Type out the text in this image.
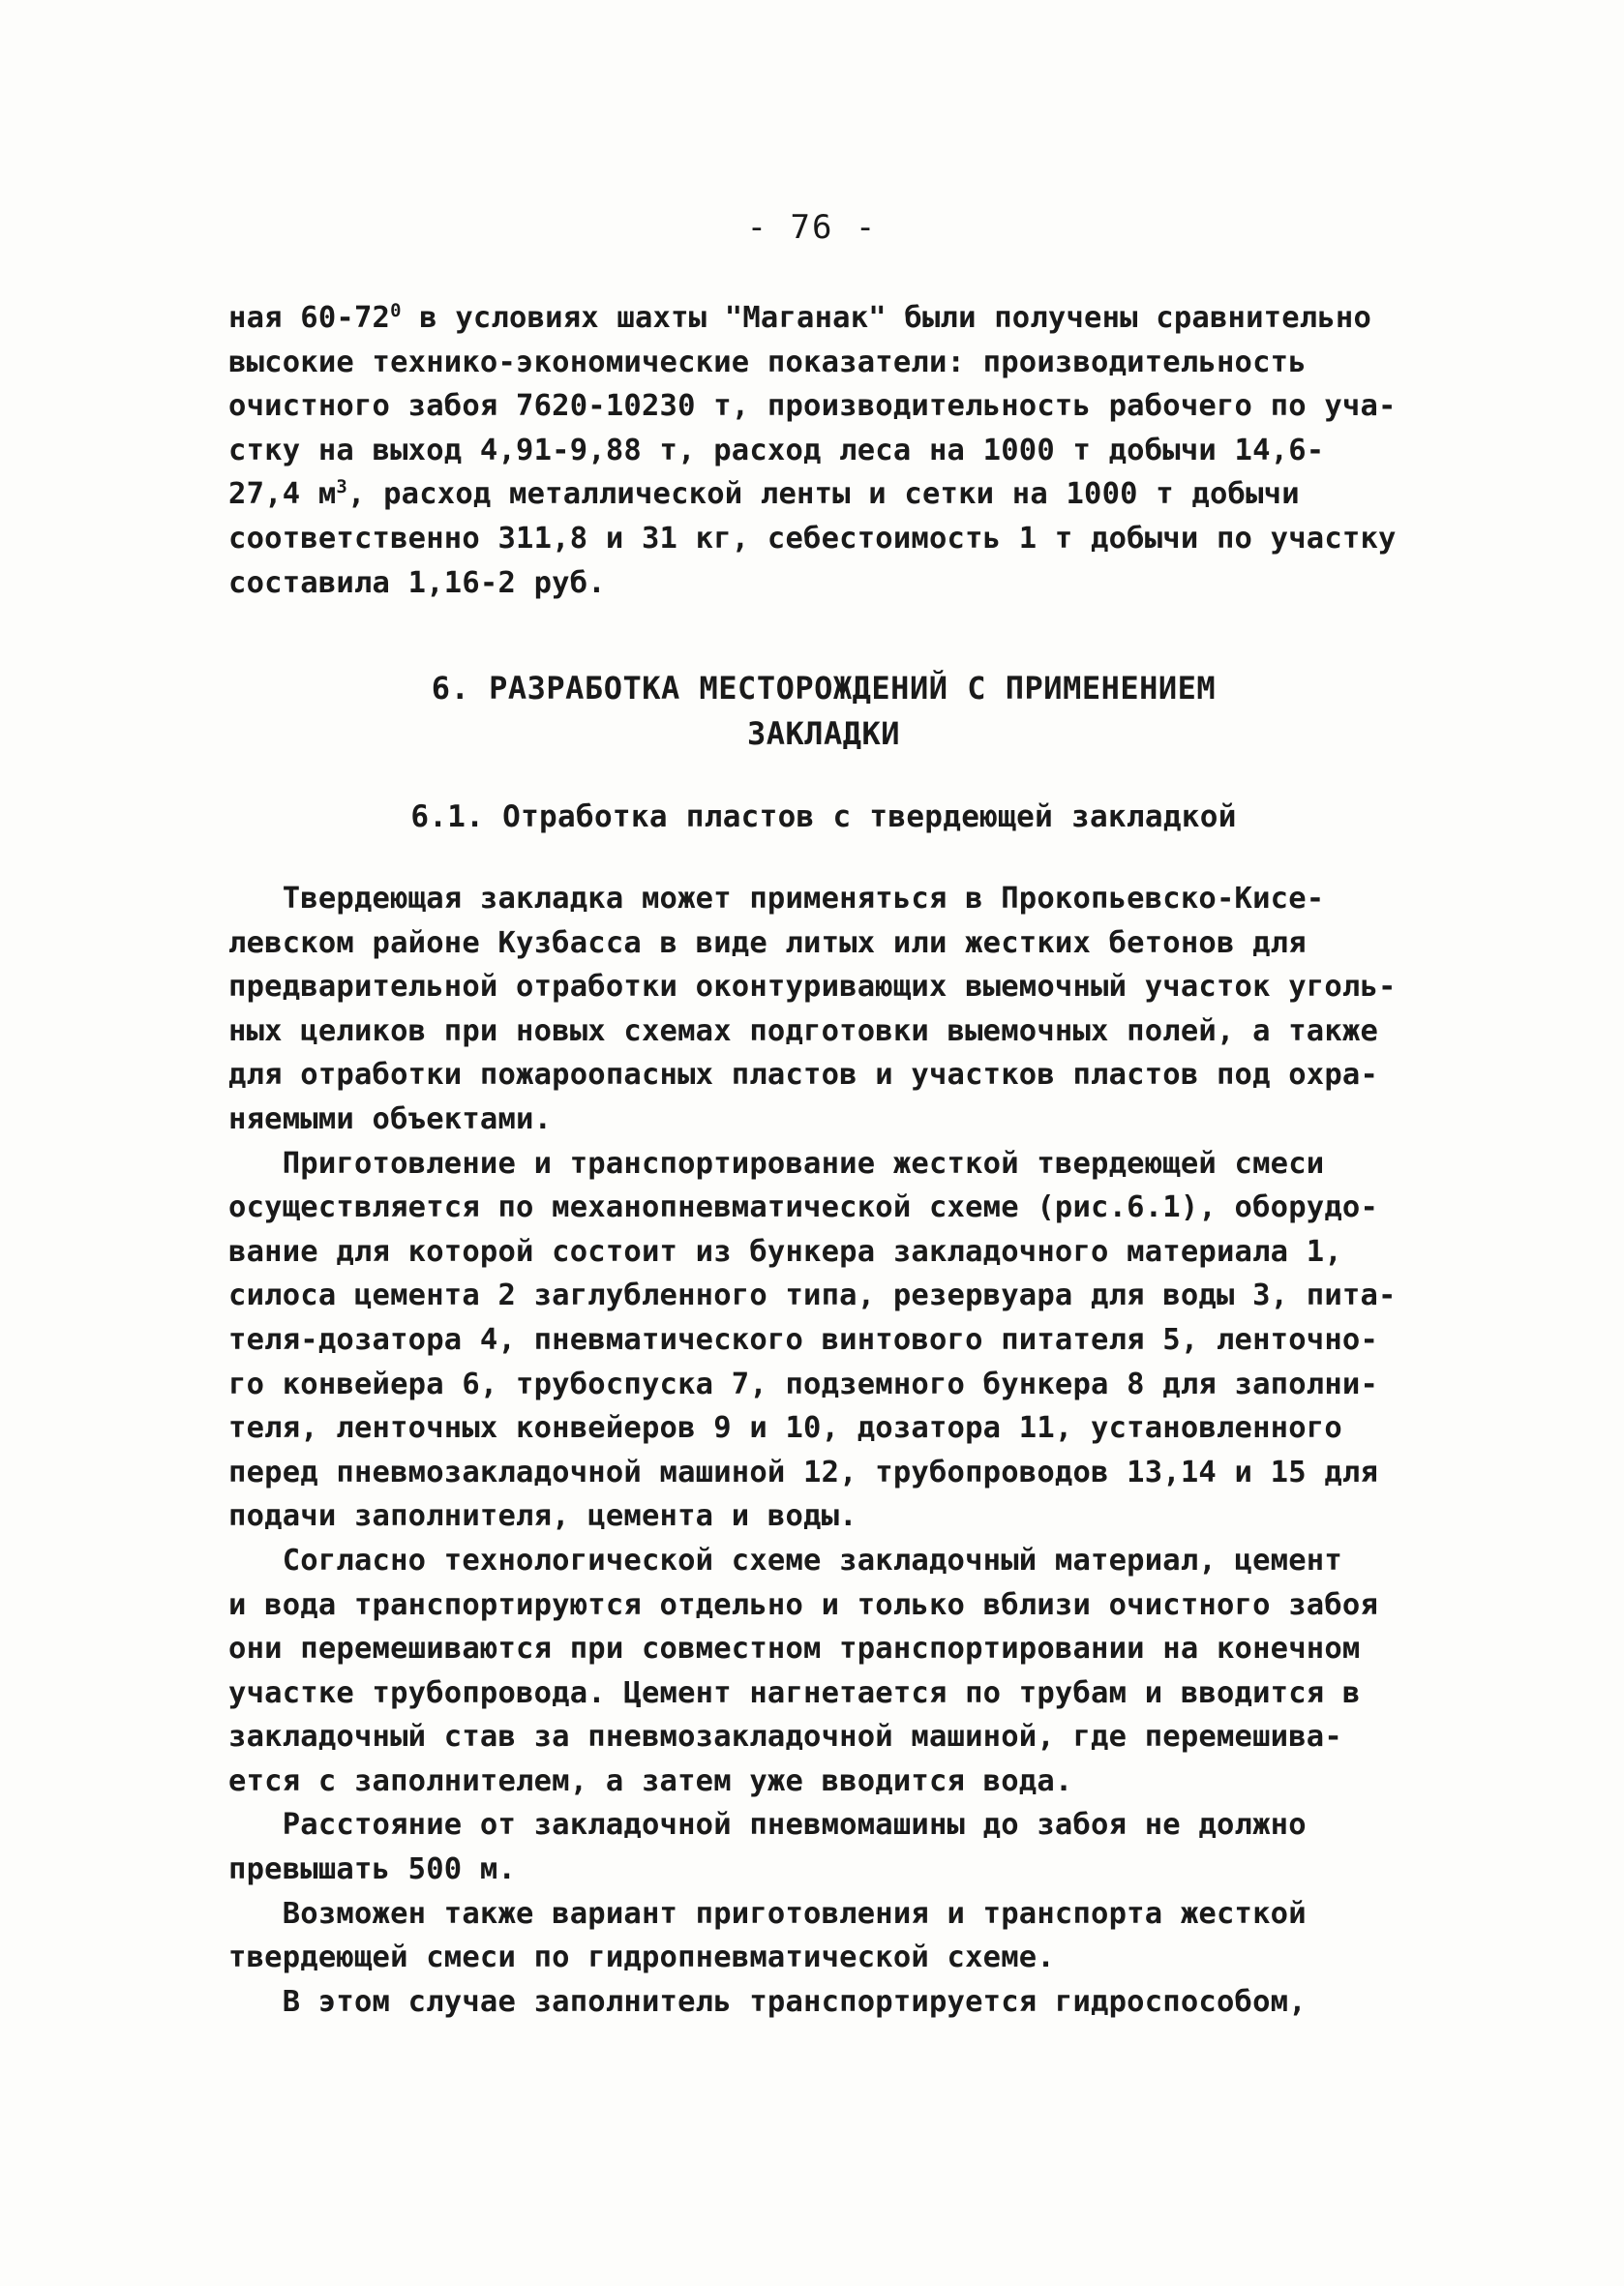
- 76 -
ная $60-72^0$ в условиях шахты "Маганак" были получены сравнительно
высокие технико-экономические показатели: производительность
очистного забоя 7620-10230 т, производительность рабочего по уча-
стку на выход 4,91-9,88 т, расход леса на 1000 т добычи 14,6-
27,4 $м^3$, расход металлической ленты и сетки на 1000 т добычи
соответственно 311,8 и 31 кг, себестоимость 1 т добычи по участку
составила 1,16-2 руб.
6. РАЗРАБОТКА МЕСТОРОЖДЕНИЙ С ПРИМЕНЕНИЕМ
ЗАКЛАДКИ
6.1. Отработка пластов с твердеющей закладкой
Твердеющая закладка может применяться в Прокопьевско-Кисе-
левском районе Кузбасса в виде литых или жестких бетонов для
предварительной отработки оконтуривающих выемочный участок уголь-
ных целиков при новых схемах подготовки выемочных полей, а также
для отработки пожароопасных пластов и участков пластов под охра-
няемыми объектами.
Приготовление и транспортирование жесткой твердеющей смеси
осуществляется по механопневматической схеме (рис.6.1), оборудо-
вание для которой состоит из бункера закладочного материала 1,
силоса цемента 2 заглубленного типа, резервуара для воды 3, пита-
теля-дозатора 4, пневматического винтового питателя 5, ленточно-
го конвейера 6, трубоспуска 7, подземного бункера 8 для заполни-
теля, ленточных конвейеров 9 и 10, дозатора 11, установленного
перед пневмозакладочной машиной 12, трубопроводов 13,14 и 15 для
подачи заполнителя, цемента и воды.
Согласно технологической схеме закладочный материал, цемент
и вода транспортируются отдельно и только вблизи очистного забоя
они перемешиваются при совместном транспортировании на конечном
участке трубопровода. Цемент нагнетается по трубам и вводится в
закладочный став за пневмозакладочной машиной, где перемешива-
ется с заполнителем, а затем уже вводится вода.
Расстояние от закладочной пневмомашины до забоя не должно
превышать 500 м.
Возможен также вариант приготовления и транспорта жесткой
твердеющей смеси по гидропневматической схеме.
В этом случае заполнитель транспортируется гидроспособом,
